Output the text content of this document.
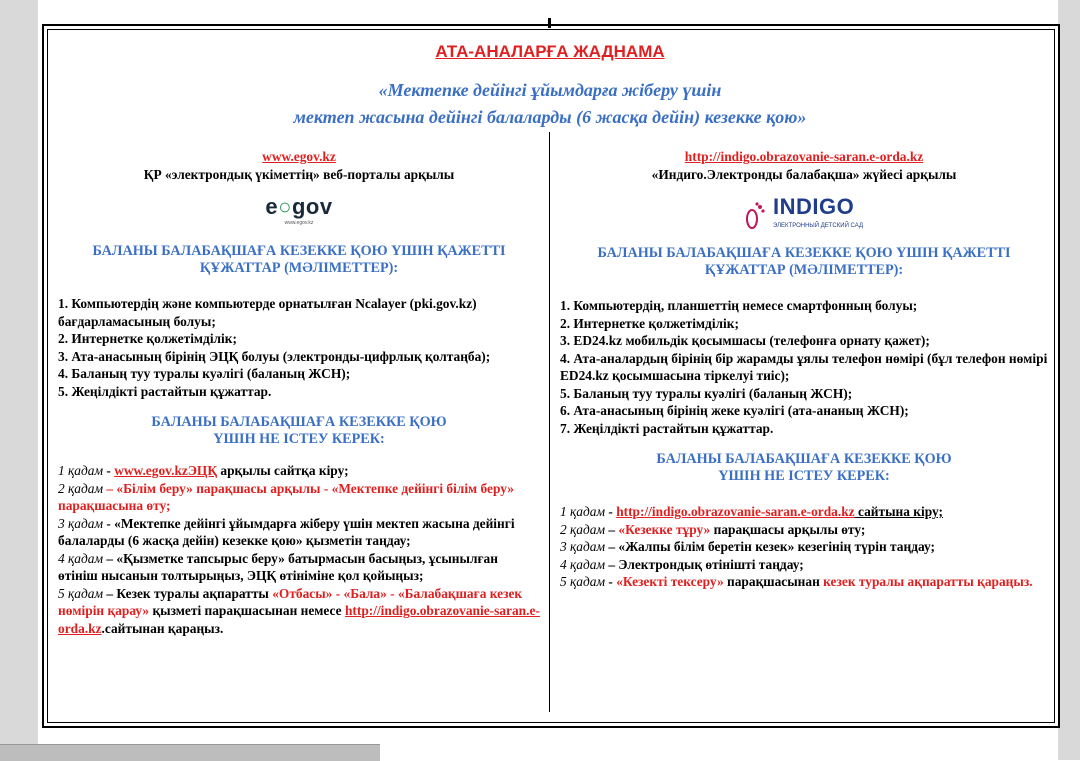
АТА-АНАЛАРҒА ЖАДНАМА
«Мектепке дейінгі ұйымдарға жіберу үшін
мектеп жасына дейінгі балаларды (6 жасқа дейін) кезекке қою»
www.egov.kz
ҚР «электрондық үкіметтің» веб-порталы арқылы
e○gov
www.egov.kz
БАЛАНЫ БАЛАБАҚШАҒА КЕЗЕККЕ ҚОЮ ҮШІН ҚАЖЕТТІ
ҚҰЖАТТАР (МӘЛІМЕТТЕР):

1. Компьютердің және компьютерде орнатылған Ncalayer (pki.gov.kz) бағдарламасының болуы;

2. Интернетке қолжетімділік;

3. Ата-анасының бірінің ЭЦҚ болуы (электронды-цифрлық қолтаңба);

4. Баланың туу туралы куәлігі (баланың ЖСН);

5. Жеңілдікті растайтын құжаттар.

БАЛАНЫ БАЛАБАҚШАҒА КЕЗЕККЕ ҚОЮ
ҮШІН НЕ ІСТЕУ КЕРЕК:

1 қадам - www.egov.kzЭЦҚ арқылы сайтқа кіру;

2 қадам – «Білім беру» парақшасы арқылы - «Мектепке дейінгі білім беру» парақшасына өту;

3 қадам - «Мектепке дейінгі ұйымдарға жіберу үшін мектеп жасына дейінгі балаларды (6 жасқа дейін) кезекке қою» қызметін таңдау;

4 қадам – «Қызметке тапсырыс беру» батырмасын басыңыз, ұсынылған өтініш нысанын толтырыңыз, ЭЦҚ өтініміне қол қойыңыз;

5 қадам – Кезек туралы ақпаратты «Отбасы» - «Бала» - «Балабақшаға кезек нөмірін қарау» қызметі парақшасынан немесе http://indigo.obrazovanie-saran.e-orda.kz.сайтынан қараңыз.

http://indigo.obrazovanie-saran.e-orda.kz
«Индиго.Электронды балабақша» жүйесі арқылы
INDIGO
ЭЛЕКТРОННЫЙ ДЕТСКИЙ САД
БАЛАНЫ БАЛАБАҚШАҒА КЕЗЕККЕ ҚОЮ ҮШІН ҚАЖЕТТІ
ҚҰЖАТТАР (МӘЛІМЕТТЕР):

1. Компьютердің, планшеттің немесе смартфонның болуы;

2. Интернетке қолжетімділік;

3. ED24.kz мобильдік қосымшасы (телефонға орнату қажет);

4. Ата-аналардың бірінің бір жарамды ұялы телефон нөмірі (бұл телефон нөмірі ED24.kz қосымшасына тіркелуі тиіс);

5. Баланың туу туралы куәлігі (баланың ЖСН);

6. Ата-анасының бірінің жеке куәлігі (ата-ананың ЖСН);

7. Жеңілдікті растайтын құжаттар.

БАЛАНЫ БАЛАБАҚШАҒА КЕЗЕККЕ ҚОЮ
ҮШІН НЕ ІСТЕУ КЕРЕК:

1 қадам - http://indigo.obrazovanie-saran.e-orda.kz сайтына кіру;

2 қадам – «Кезекке тұру» парақшасы арқылы өту;

3 қадам – «Жалпы білім беретін кезек» кезегінің түрін таңдау;

4 қадам – Электрондық өтінішті таңдау;

5 қадам - «Кезекті тексеру» парақшасынан кезек туралы ақпаратты қараңыз.
